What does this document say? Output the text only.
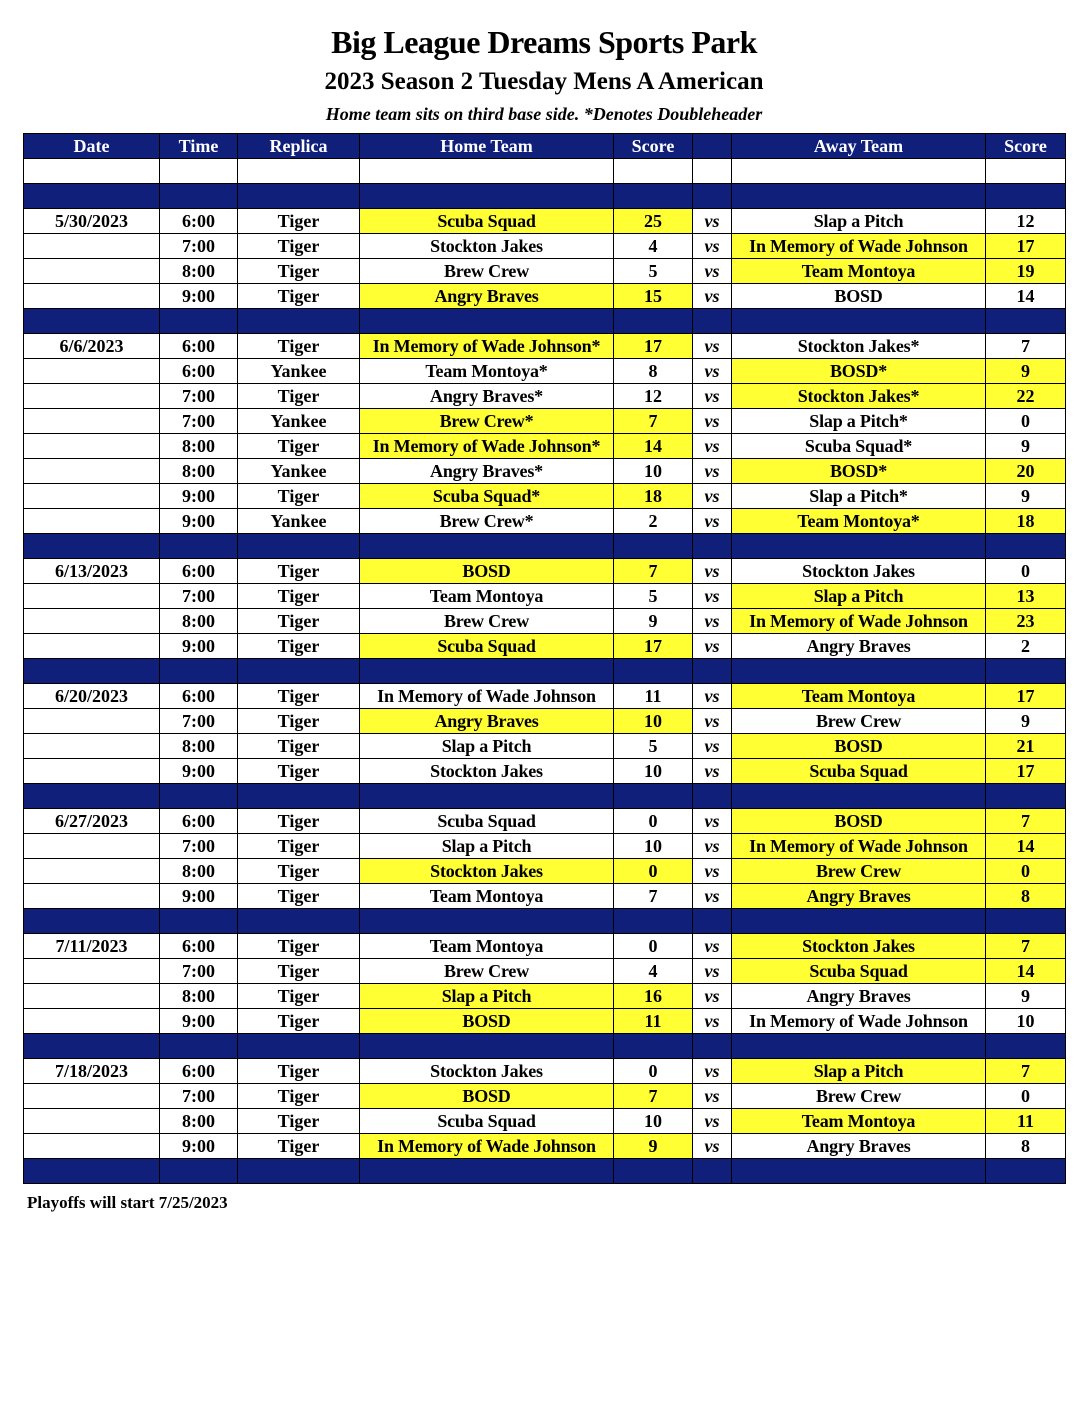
Big League Dreams Sports Park
2023 Season 2 Tuesday Mens A American
Home team sits on third base side. *Denotes Doubleheader
Date	Time	Replica	Home Team	Score		Away Team	Score

5/30/2023	6:00	Tiger	Scuba Squad	25	vs	Slap a Pitch	12
	7:00	Tiger	Stockton Jakes	4	vs	In Memory of Wade Johnson	17
	8:00	Tiger	Brew Crew	5	vs	Team Montoya	19
	9:00	Tiger	Angry Braves	15	vs	BOSD	14

6/6/2023	6:00	Tiger	In Memory of Wade Johnson*	17	vs	Stockton Jakes*	7
	6:00	Yankee	Team Montoya*	8	vs	BOSD*	9
	7:00	Tiger	Angry Braves*	12	vs	Stockton Jakes*	22
	7:00	Yankee	Brew Crew*	7	vs	Slap a Pitch*	0
	8:00	Tiger	In Memory of Wade Johnson*	14	vs	Scuba Squad*	9
	8:00	Yankee	Angry Braves*	10	vs	BOSD*	20
	9:00	Tiger	Scuba Squad*	18	vs	Slap a Pitch*	9
	9:00	Yankee	Brew Crew*	2	vs	Team Montoya*	18

6/13/2023	6:00	Tiger	BOSD	7	vs	Stockton Jakes	0
	7:00	Tiger	Team Montoya	5	vs	Slap a Pitch	13
	8:00	Tiger	Brew Crew	9	vs	In Memory of Wade Johnson	23
	9:00	Tiger	Scuba Squad	17	vs	Angry Braves	2

6/20/2023	6:00	Tiger	In Memory of Wade Johnson	11	vs	Team Montoya	17
	7:00	Tiger	Angry Braves	10	vs	Brew Crew	9
	8:00	Tiger	Slap a Pitch	5	vs	BOSD	21
	9:00	Tiger	Stockton Jakes	10	vs	Scuba Squad	17

6/27/2023	6:00	Tiger	Scuba Squad	0	vs	BOSD	7
	7:00	Tiger	Slap a Pitch	10	vs	In Memory of Wade Johnson	14
	8:00	Tiger	Stockton Jakes	0	vs	Brew Crew	0
	9:00	Tiger	Team Montoya	7	vs	Angry Braves	8

7/11/2023	6:00	Tiger	Team Montoya	0	vs	Stockton Jakes	7
	7:00	Tiger	Brew Crew	4	vs	Scuba Squad	14
	8:00	Tiger	Slap a Pitch	16	vs	Angry Braves	9
	9:00	Tiger	BOSD	11	vs	In Memory of Wade Johnson	10

7/18/2023	6:00	Tiger	Stockton Jakes	0	vs	Slap a Pitch	7
	7:00	Tiger	BOSD	7	vs	Brew Crew	0
	8:00	Tiger	Scuba Squad	10	vs	Team Montoya	11
	9:00	Tiger	In Memory of Wade Johnson	9	vs	Angry Braves	8

Playoffs will start 7/25/2023
